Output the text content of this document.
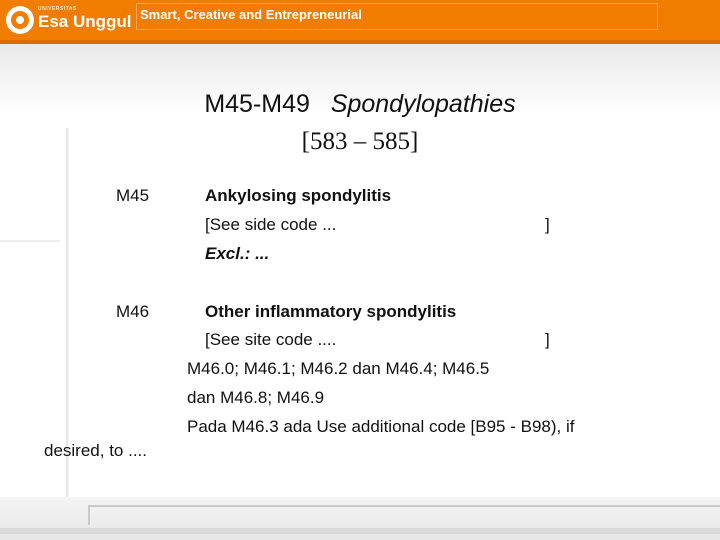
UNIVERSITAS
Esa Unggul Smart, Creative and Entrepreneurial
M45-M49 Spondylopathies
[583 – 585]
M45	Ankylosing spondylitis
[See side code ...	]
Excl.: ...
M46	Other inflammatory spondylitis
[See site code ....	]
M46.0; M46.1; M46.2 dan M46.4; M46.5
dan M46.8; M46.9
Pada M46.3 ada Use additional code [B95 - B98), if
desired, to ....
